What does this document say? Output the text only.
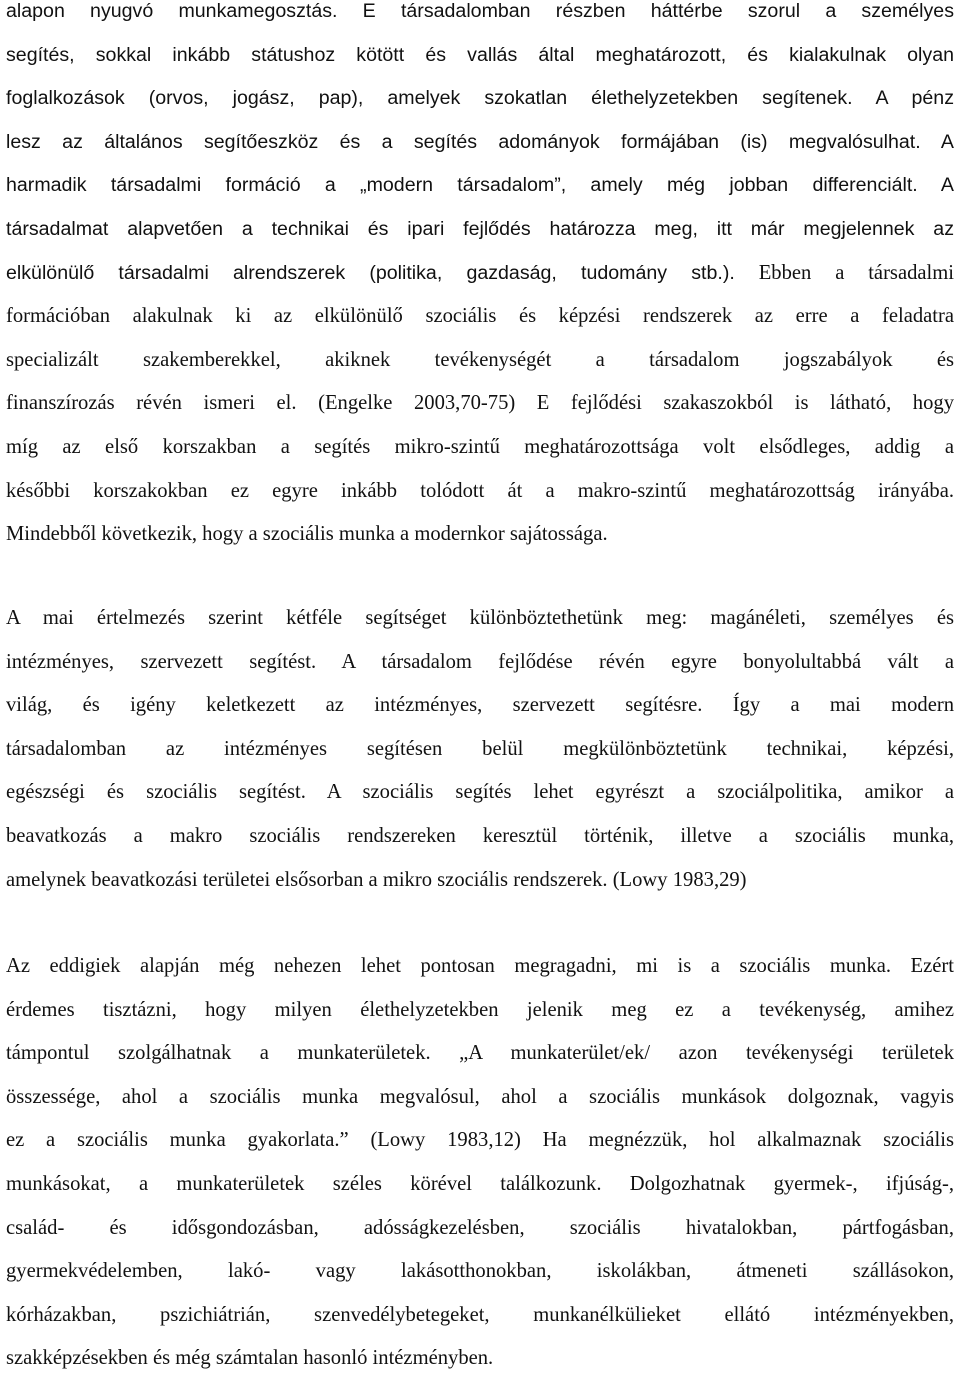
alapon nyugvó munkamegosztás. E társadalomban részben háttérbe szorul a személyes
segítés, sokkal inkább státushoz kötött és vallás által meghatározott, és kialakulnak olyan
foglalkozások (orvos, jogász, pap), amelyek szokatlan élethelyzetekben segítenek. A pénz
lesz az általános segítőeszköz és a segítés adományok formájában (is) megvalósulhat. A
harmadik társadalmi formáció a „modern társadalom”, amely még jobban differenciált. A
társadalmat alapvetően a technikai és ipari fejlődés határozza meg, itt már megjelennek az
elkülönülő társadalmi alrendszerek (politika, gazdaság, tudomány stb.). Ebben a társadalmi
formációban alakulnak ki az elkülönülő szociális és képzési rendszerek az erre a feladatra
specializált szakemberekkel, akiknek tevékenységét a társadalom jogszabályok és
finanszírozás révén ismeri el. (Engelke 2003,70-75) E fejlődési szakaszokból is látható, hogy
míg az első korszakban a segítés mikro-szintű meghatározottsága volt elsődleges, addig a
későbbi korszakokban ez egyre inkább tolódott át a makro-szintű meghatározottság irányába.
Mindebből következik, hogy a szociális munka a modernkor sajátossága.
A mai értelmezés szerint kétféle segítséget különböztethetünk meg: magánéleti, személyes és
intézményes, szervezett segítést. A társadalom fejlődése révén egyre bonyolultabbá vált a
világ, és igény keletkezett az intézményes, szervezett segítésre. Így a mai modern
társadalomban az intézményes segítésen belül megkülönböztetünk technikai, képzési,
egészségi és szociális segítést. A szociális segítés lehet egyrészt a szociálpolitika, amikor a
beavatkozás a makro szociális rendszereken keresztül történik, illetve a szociális munka,
amelynek beavatkozási területei elsősorban a mikro szociális rendszerek. (Lowy 1983,29)
Az eddigiek alapján még nehezen lehet pontosan megragadni, mi is a szociális munka. Ezért
érdemes tisztázni, hogy milyen élethelyzetekben jelenik meg ez a tevékenység, amihez
támpontul szolgálhatnak a munkaterületek. „A munkaterület/ek/ azon tevékenységi területek
összessége, ahol a szociális munka megvalósul, ahol a szociális munkások dolgoznak, vagyis
ez a szociális munka gyakorlata.” (Lowy 1983,12) Ha megnézzük, hol alkalmaznak szociális
munkásokat, a munkaterületek széles körével találkozunk. Dolgozhatnak gyermek-, ifjúság-,
család- és idősgondozásban, adósságkezelésben, szociális hivatalokban, pártfogásban,
gyermekvédelemben, lakó- vagy lakásotthonokban, iskolákban, átmeneti szállásokon,
kórházakban, pszichiátrián, szenvedélybetegeket, munkanélkülieket ellátó intézményekben,
szakképzésekben és még számtalan hasonló intézményben.
